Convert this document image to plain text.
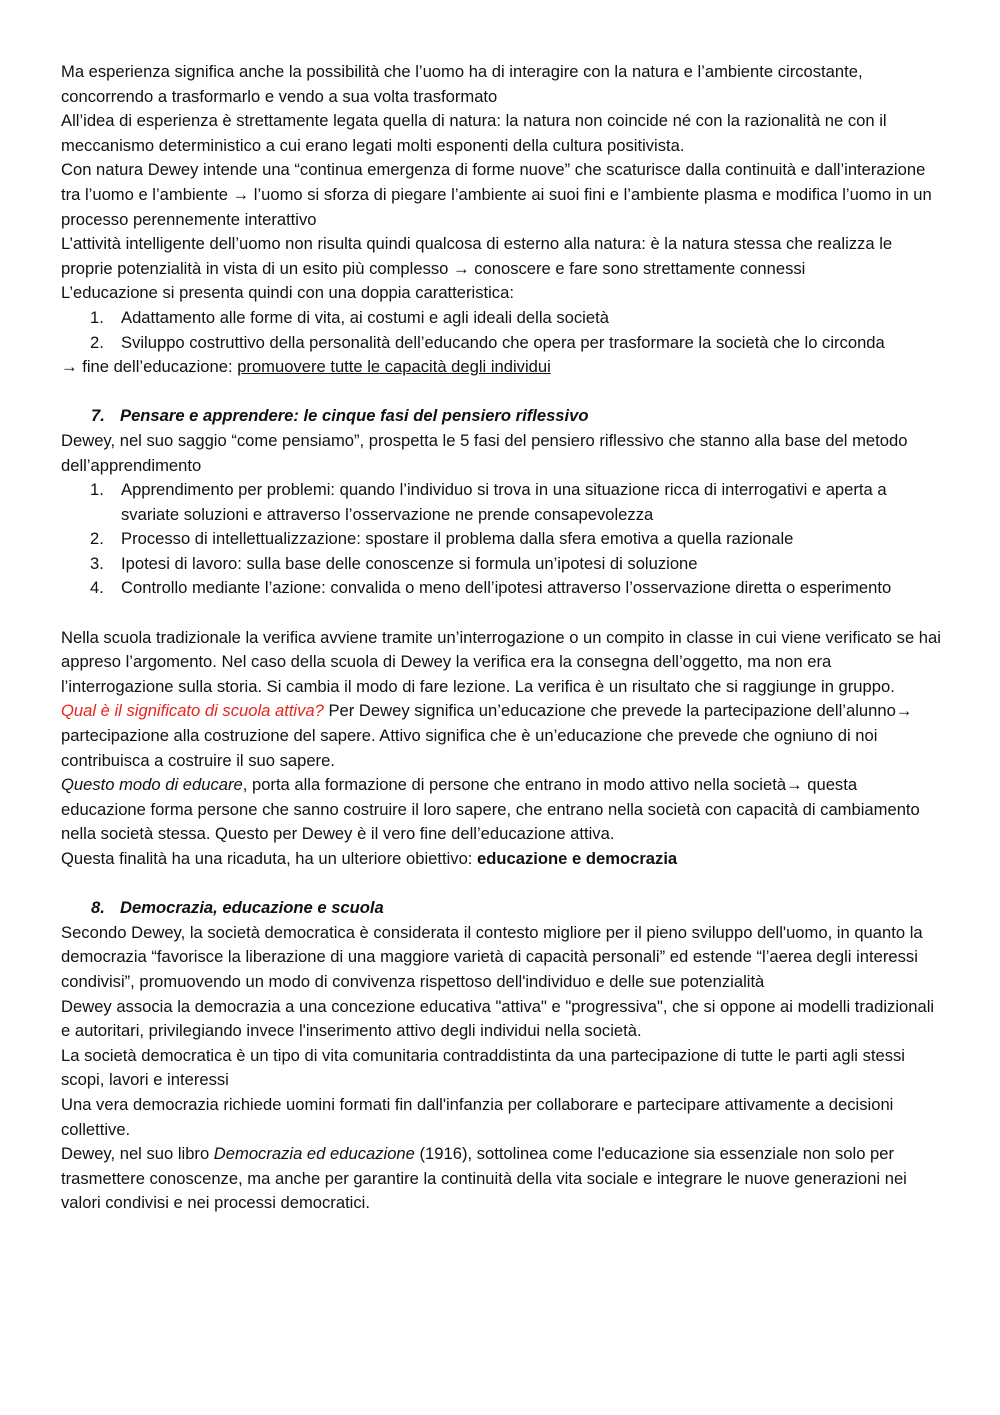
Ma esperienza significa anche la possibilità che l’uomo ha di interagire con la natura e l’ambiente circostante, concorrendo a trasformarlo e vendo a sua volta trasformato

All’idea di esperienza è strettamente legata quella di natura: la natura non coincide né con la razionalità ne con il meccanismo deterministico a cui erano legati molti esponenti della cultura positivista.

Con natura Dewey intende una “continua emergenza di forme nuove” che scaturisce dalla continuità e dall’interazione tra l’uomo e l’ambiente → l’uomo si sforza di piegare l’ambiente ai suoi fini e l’ambiente plasma e modifica l’uomo in un processo perennemente interattivo

L’attività intelligente dell’uomo non risulta quindi qualcosa di esterno alla natura: è la natura stessa che realizza le proprie potenzialità in vista di un esito più complesso → conoscere e fare sono strettamente connessi

L’educazione si presenta quindi con una doppia caratteristica:

1. Adattamento alle forme di vita, ai costumi e agli ideali della società
2. Sviluppo costruttivo della personalità dell’educando che opera per trasformare la società che lo circonda

→ fine dell’educazione: promuovere tutte le capacità degli individui

7. Pensare e apprendere: le cinque fasi del pensiero riflessivo

Dewey, nel suo saggio “come pensiamo”, prospetta le 5 fasi del pensiero riflessivo che stanno alla base del metodo dell’apprendimento

1. Apprendimento per problemi: quando l’individuo si trova in una situazione ricca di interrogativi e aperta a svariate soluzioni e attraverso l’osservazione ne prende consapevolezza
2. Processo di intellettualizzazione: spostare il problema dalla sfera emotiva a quella razionale
3. Ipotesi di lavoro: sulla base delle conoscenze si formula un’ipotesi di soluzione
4. Controllo mediante l’azione: convalida o meno dell’ipotesi attraverso l’osservazione diretta o esperimento

Nella scuola tradizionale la verifica avviene tramite un’interrogazione o un compito in classe in cui viene verificato se hai appreso l’argomento. Nel caso della scuola di Dewey la verifica era la consegna dell’oggetto, ma non era l’interrogazione sulla storia. Si cambia il modo di fare lezione. La verifica è un risultato che si raggiunge in gruppo.

Qual è il significato di scuola attiva? Per Dewey significa un’educazione che prevede la partecipazione dell’alunno→ partecipazione alla costruzione del sapere. Attivo significa che è un’educazione che prevede che ogniuno di noi contribuisca a costruire il suo sapere.

Questo modo di educare, porta alla formazione di persone che entrano in modo attivo nella società→ questa educazione forma persone che sanno costruire il loro sapere, che entrano nella società con capacità di cambiamento nella società stessa. Questo per Dewey è il vero fine dell’educazione attiva.

Questa finalità ha una ricaduta, ha un ulteriore obiettivo: educazione e democrazia

8. Democrazia, educazione e scuola

Secondo Dewey, la società democratica è considerata il contesto migliore per il pieno sviluppo dell'uomo, in quanto la democrazia “favorisce la liberazione di una maggiore varietà di capacità personali” ed estende “l’aerea degli interessi condivisi”, promuovendo un modo di convivenza rispettoso dell'individuo e delle sue potenzialità

Dewey associa la democrazia a una concezione educativa "attiva" e "progressiva", che si oppone ai modelli tradizionali e autoritari, privilegiando invece l'inserimento attivo degli individui nella società.

La società democratica è un tipo di vita comunitaria contraddistinta da una partecipazione di tutte le parti agli stessi scopi, lavori e interessi

Una vera democrazia richiede uomini formati fin dall'infanzia per collaborare e partecipare attivamente a decisioni collettive.

Dewey, nel suo libro Democrazia ed educazione (1916), sottolinea come l'educazione sia essenziale non solo per trasmettere conoscenze, ma anche per garantire la continuità della vita sociale e integrare le nuove generazioni nei valori condivisi e nei processi democratici.
